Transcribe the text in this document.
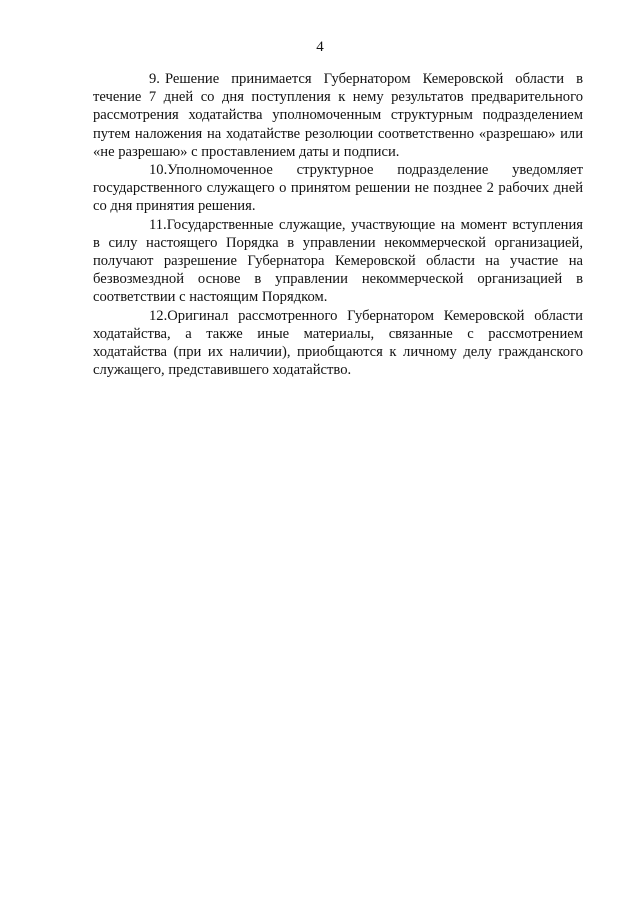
4

9. Решение принимается Губернатором Кемеровской области в течение 7 дней со дня поступления к нему результатов предварительного рассмотрения ходатайства уполномоченным структурным подразделением путем наложения на ходатайстве резолюции соответственно «разрешаю» или «не разрешаю» с проставлением даты и подписи.

10.Уполномоченное структурное подразделение уведомляет государственного служащего о принятом решении не позднее 2 рабочих дней со дня принятия решения.

11.Государственные служащие, участвующие на момент вступления в силу настоящего Порядка в управлении некоммерческой организацией, получают разрешение Губернатора Кемеровской области на участие на безвозмездной основе в управлении некоммерческой организацией в соответствии с настоящим Порядком.

12.Оригинал рассмотренного Губернатором Кемеровской области ходатайства, а также иные материалы, связанные с рассмотрением ходатайства (при их наличии), приобщаются к личному делу гражданского служащего, представившего ходатайство.
